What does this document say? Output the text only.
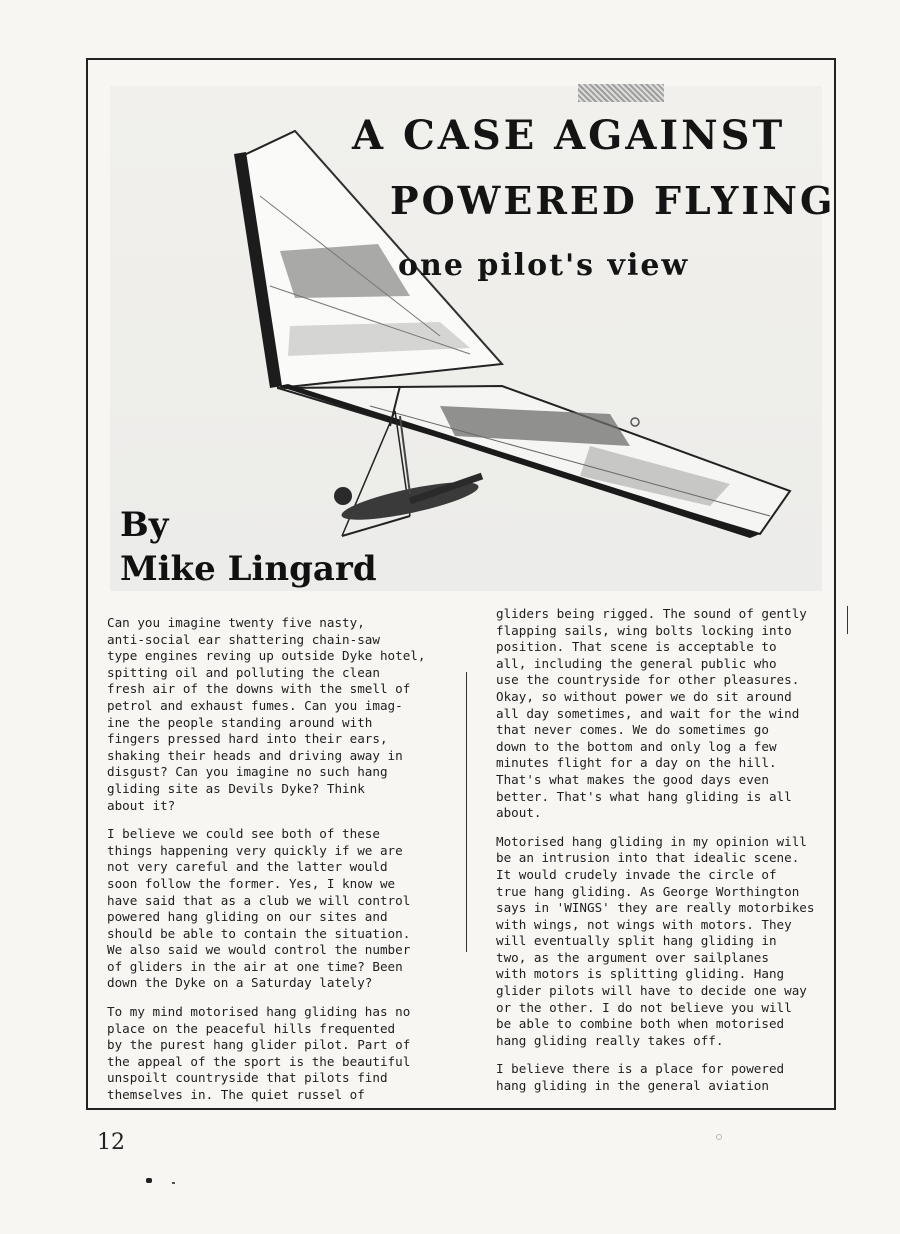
A CASE AGAINST
POWERED FLYING
one pilot's view
By
Mike Lingard

Can you imagine twenty five nasty,
anti-social ear shattering chain-saw
type engines reving up outside Dyke hotel,
spitting oil and polluting the clean
fresh air of the downs with the smell of
petrol and exhaust fumes. Can you imag-
ine the people standing around with
fingers pressed hard into their ears,
shaking their heads and driving away in
disgust? Can you imagine no such hang
gliding site as Devils Dyke? Think
about it?

I believe we could see both of these
things happening very quickly if we are
not very careful and the latter would
soon follow the former. Yes, I know we
have said that as a club we will control
powered hang gliding on our sites and
should be able to contain the situation.
We also said we would control the number
of gliders in the air at one time? Been
down the Dyke on a Saturday lately?

To my mind motorised hang gliding has no
place on the peaceful hills frequented
by the purest hang glider pilot. Part of
the appeal of the sport is the beautiful
unspoilt countryside that pilots find
themselves in. The quiet russel of

gliders being rigged. The sound of gently
flapping sails, wing bolts locking into
position. That scene is acceptable to
all, including the general public who
use the countryside for other pleasures.
Okay, so without power we do sit around
all day sometimes, and wait for the wind
that never comes. We do sometimes go
down to the bottom and only log a few
minutes flight for a day on the hill.
That's what makes the good days even
better. That's what hang gliding is all
about.

Motorised hang gliding in my opinion will
be an intrusion into that idealic scene.
It would crudely invade the circle of
true hang gliding. As George Worthington
says in 'WINGS' they are really motorbikes
with wings, not wings with motors. They
will eventually split hang gliding in
two, as the argument over sailplanes
with motors is splitting gliding. Hang
glider pilots will have to decide one way
or the other. I do not believe you will
be able to combine both when motorised
hang gliding really takes off.

I believe there is a place for powered
hang gliding in the general aviation

12
